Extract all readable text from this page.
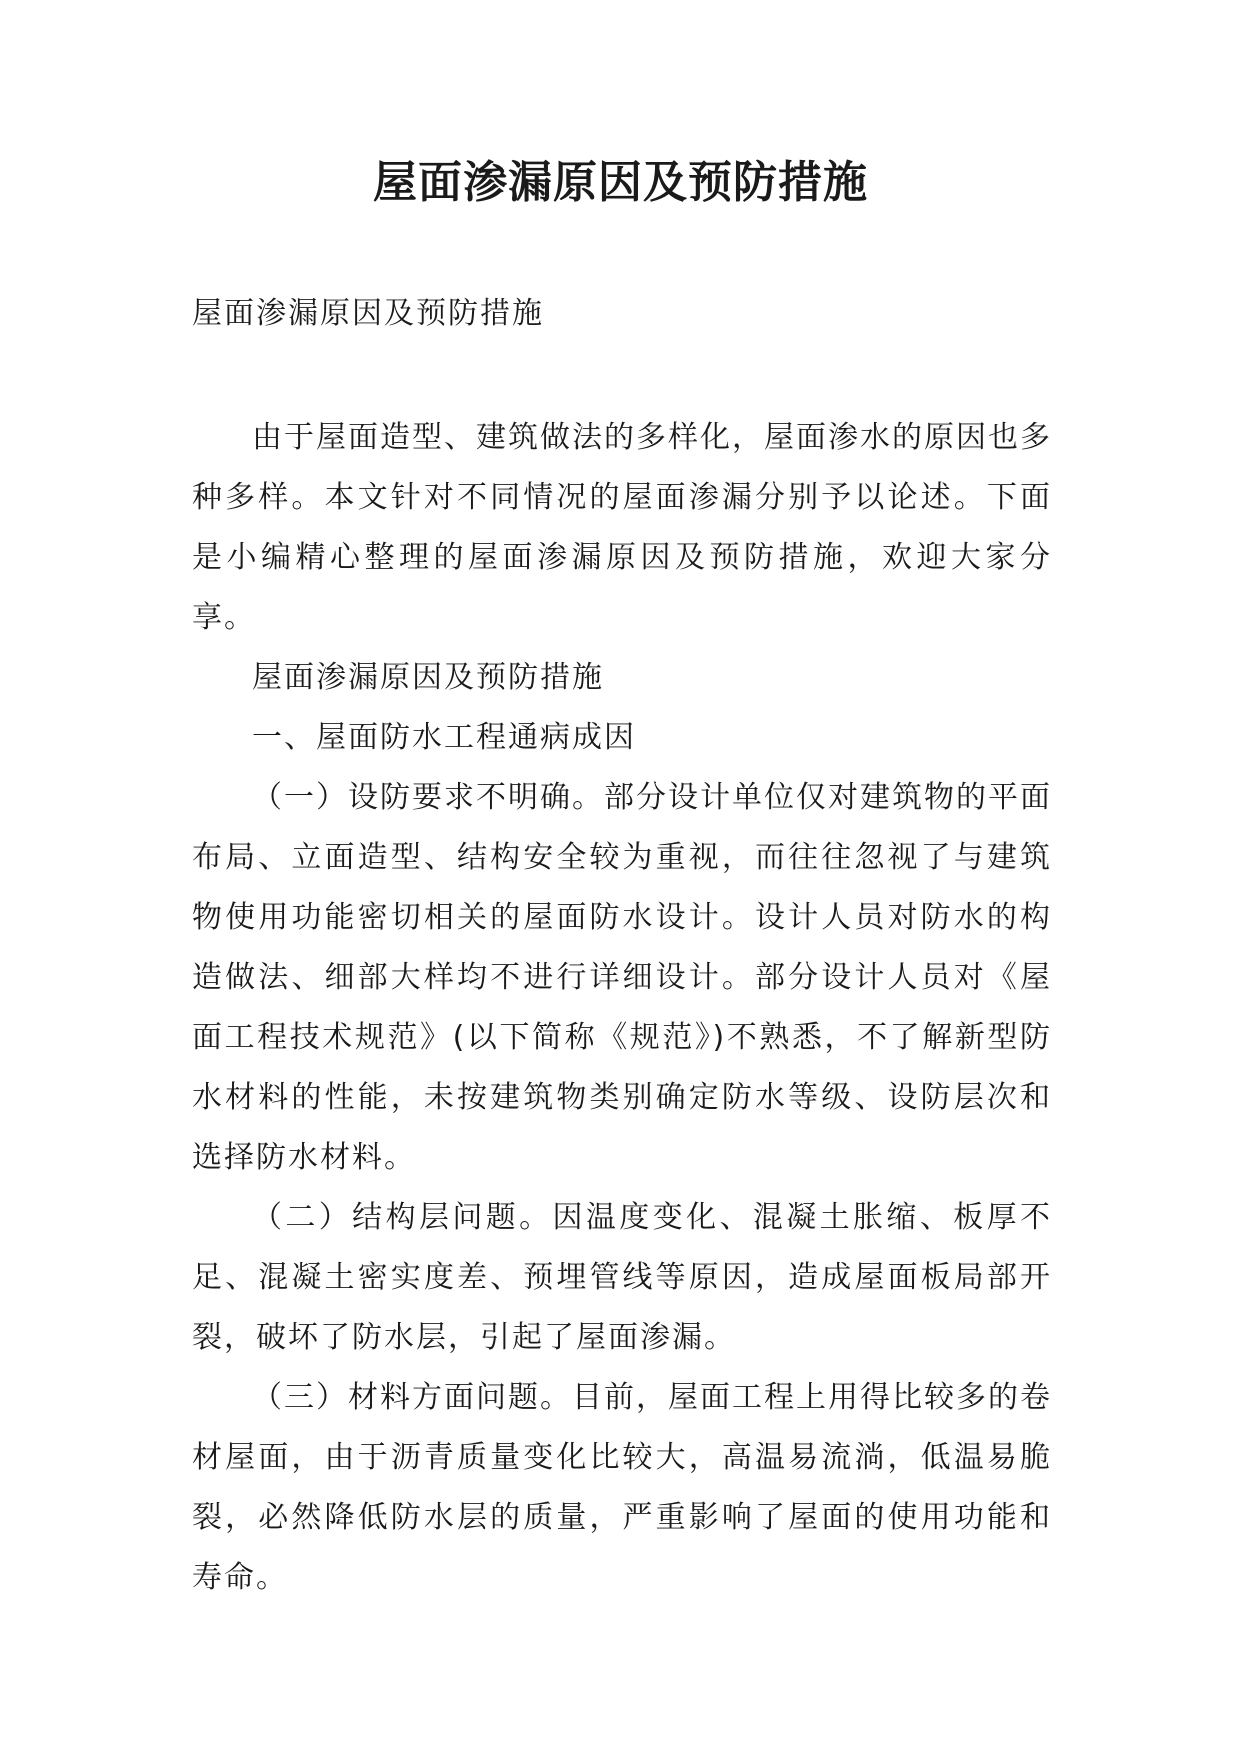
屋面渗漏原因及预防措施
屋面渗漏原因及预防措施

由于屋面造型、建筑做法的多样化，屋面渗水的原因也多种多样。本文针对不同情况的屋面渗漏分别予以论述。下面是小编精心整理的屋面渗漏原因及预防措施，欢迎大家分享。

屋面渗漏原因及预防措施

一、屋面防水工程通病成因

（一）设防要求不明确。部分设计单位仅对建筑物的平面布局、立面造型、结构安全较为重视，而往往忽视了与建筑物使用功能密切相关的屋面防水设计。设计人员对防水的构造做法、细部大样均不进行详细设计。部分设计人员对《屋面工程技术规范》(以下简称《规范》)不熟悉，不了解新型防水材料的性能，未按建筑物类别确定防水等级、设防层次和选择防水材料。

（二）结构层问题。因温度变化、混凝土胀缩、板厚不足、混凝土密实度差、预埋管线等原因，造成屋面板局部开裂，破坏了防水层，引起了屋面渗漏。

（三）材料方面问题。目前，屋面工程上用得比较多的卷材屋面，由于沥青质量变化比较大，高温易流淌，低温易脆裂，必然降低防水层的质量，严重影响了屋面的使用功能和寿命。
